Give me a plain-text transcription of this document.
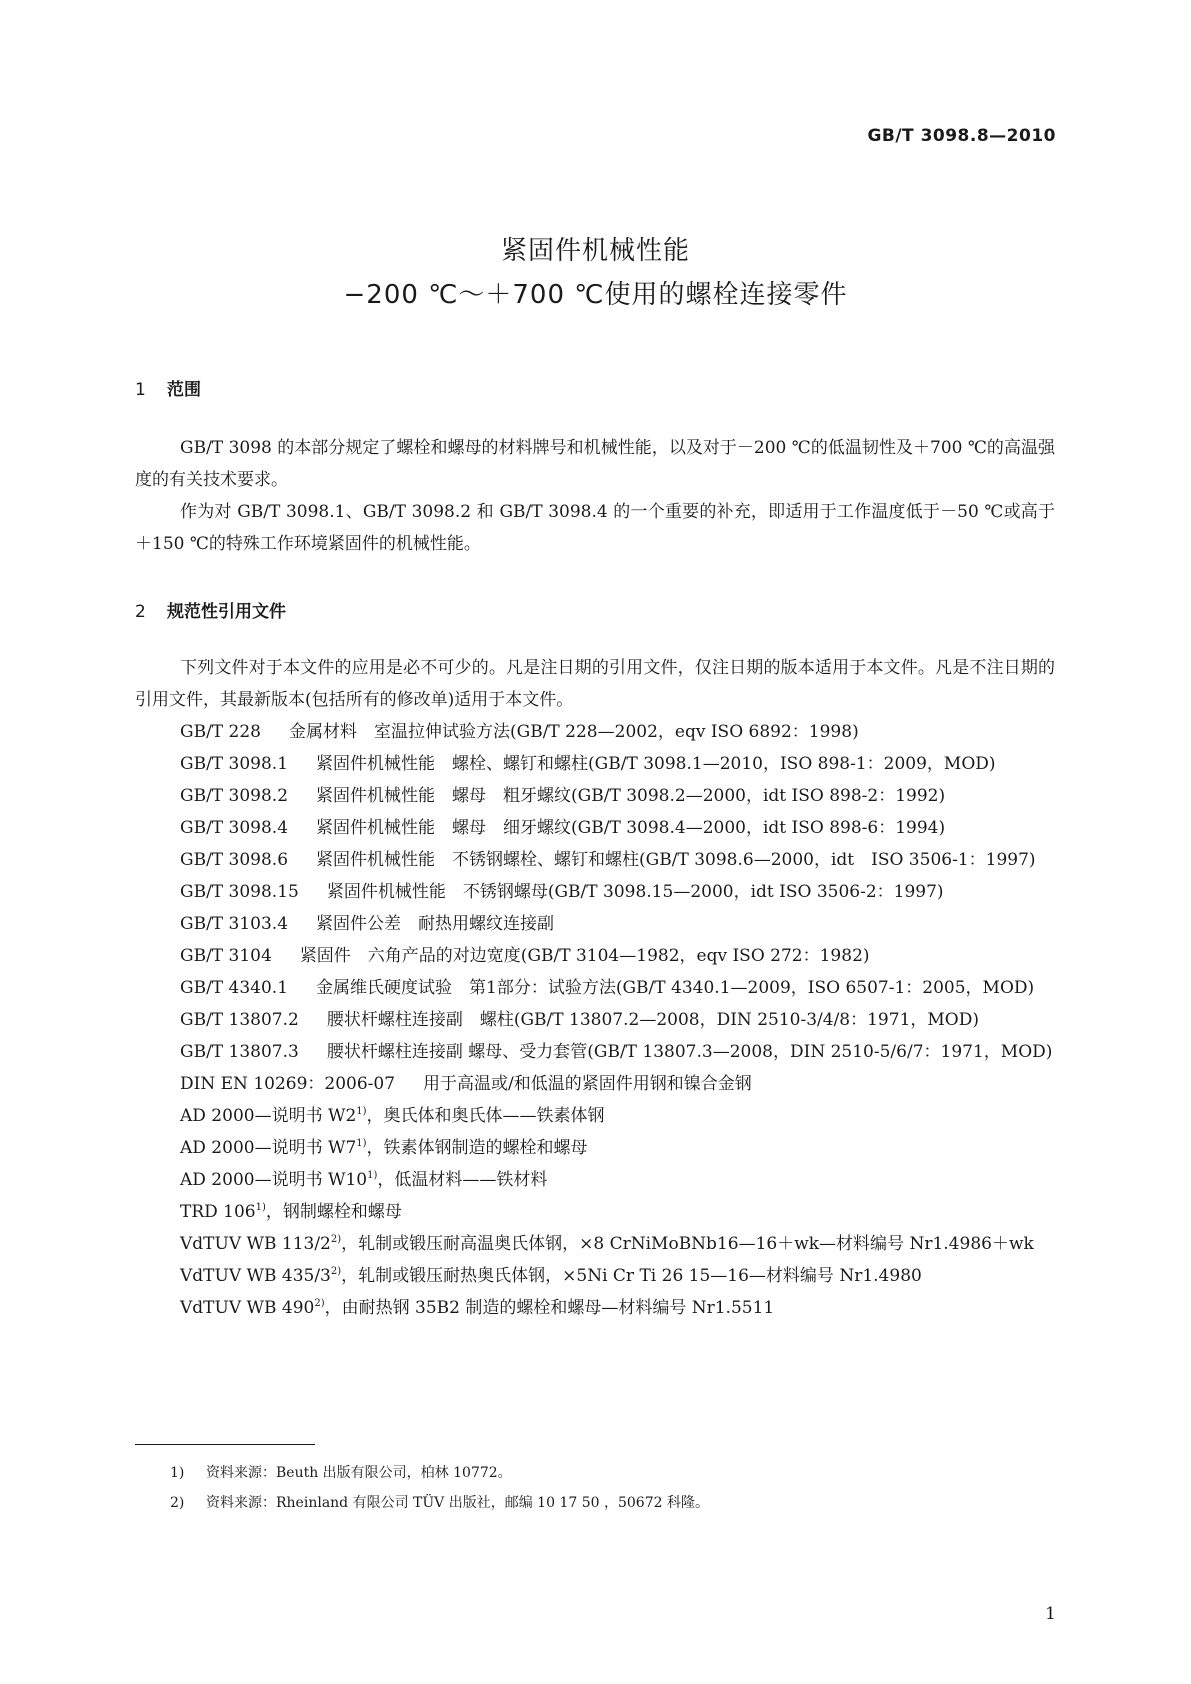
GB/T 3098.8—2010
紧固件机械性能
−200 ℃～＋700 ℃使用的螺栓连接零件
1 范围

GB/T 3098 的本部分规定了螺栓和螺母的材料牌号和机械性能，以及对于－200 ℃的低温韧性及＋700 ℃的高温强度的有关技术要求。

作为对 GB/T 3098.1、GB/T 3098.2 和 GB/T 3098.4 的一个重要的补充，即适用于工作温度低于－50 ℃或高于＋150 ℃的特殊工作环境紧固件的机械性能。

2 规范性引用文件

下列文件对于本文件的应用是必不可少的。凡是注日期的引用文件，仅注日期的版本适用于本文件。凡是不注日期的引用文件，其最新版本(包括所有的修改单)适用于本文件。

GB/T 228 金属材料　室温拉伸试验方法(GB/T 228—2002，eqv ISO 6892：1998)

GB/T 3098.1 紧固件机械性能　螺栓、螺钉和螺柱(GB/T 3098.1—2010，ISO 898-1：2009，MOD)

GB/T 3098.2 紧固件机械性能　螺母　粗牙螺纹(GB/T 3098.2—2000，idt ISO 898-2：1992)

GB/T 3098.4 紧固件机械性能　螺母　细牙螺纹(GB/T 3098.4—2000，idt ISO 898-6：1994)

GB/T 3098.6 紧固件机械性能　不锈钢螺栓、螺钉和螺柱(GB/T 3098.6—2000，idt　ISO 3506-1：1997)

GB/T 3098.15 紧固件机械性能　不锈钢螺母(GB/T 3098.15—2000，idt ISO 3506-2：1997)

GB/T 3103.4 紧固件公差　耐热用螺纹连接副

GB/T 3104 紧固件　六角产品的对边宽度(GB/T 3104—1982，eqv ISO 272：1982)

GB/T 4340.1 金属维氏硬度试验　第1部分：试验方法(GB/T 4340.1—2009，ISO 6507-1：2005，MOD)

GB/T 13807.2 腰状杆螺柱连接副　螺柱(GB/T 13807.2—2008，DIN 2510-3/4/8：1971，MOD)

GB/T 13807.3 腰状杆螺柱连接副 螺母、受力套管(GB/T 13807.3—2008，DIN 2510-5/6/7：1971，MOD)

DIN EN 10269：2006-07 用于高温或/和低温的紧固件用钢和镍合金钢

AD 2000—说明书 W2$^{1)}$，奥氏体和奥氏体——铁素体钢

AD 2000—说明书 W7$^{1)}$，铁素体钢制造的螺栓和螺母

AD 2000—说明书 W10$^{1)}$，低温材料——铁材料

TRD 106$^{1)}$，钢制螺栓和螺母

VdTUV WB 113/2$^{2)}$，轧制或锻压耐高温奥氏体钢，×8 CrNiMoBNb16—16＋wk—材料编号 Nr1.4986＋wk

VdTUV WB 435/3$^{2)}$，轧制或锻压耐热奥氏体钢，×5Ni Cr Ti 26 15—16—材料编号 Nr1.4980

VdTUV WB 490$^{2)}$，由耐热钢 35B2 制造的螺栓和螺母—材料编号 Nr1.5511

1) 资料来源：Beuth 出版有限公司，柏林 10772。
2) 资料来源：Rheinland 有限公司 TÜV 出版社，邮编 10 17 50 ，50672 科隆。
1
